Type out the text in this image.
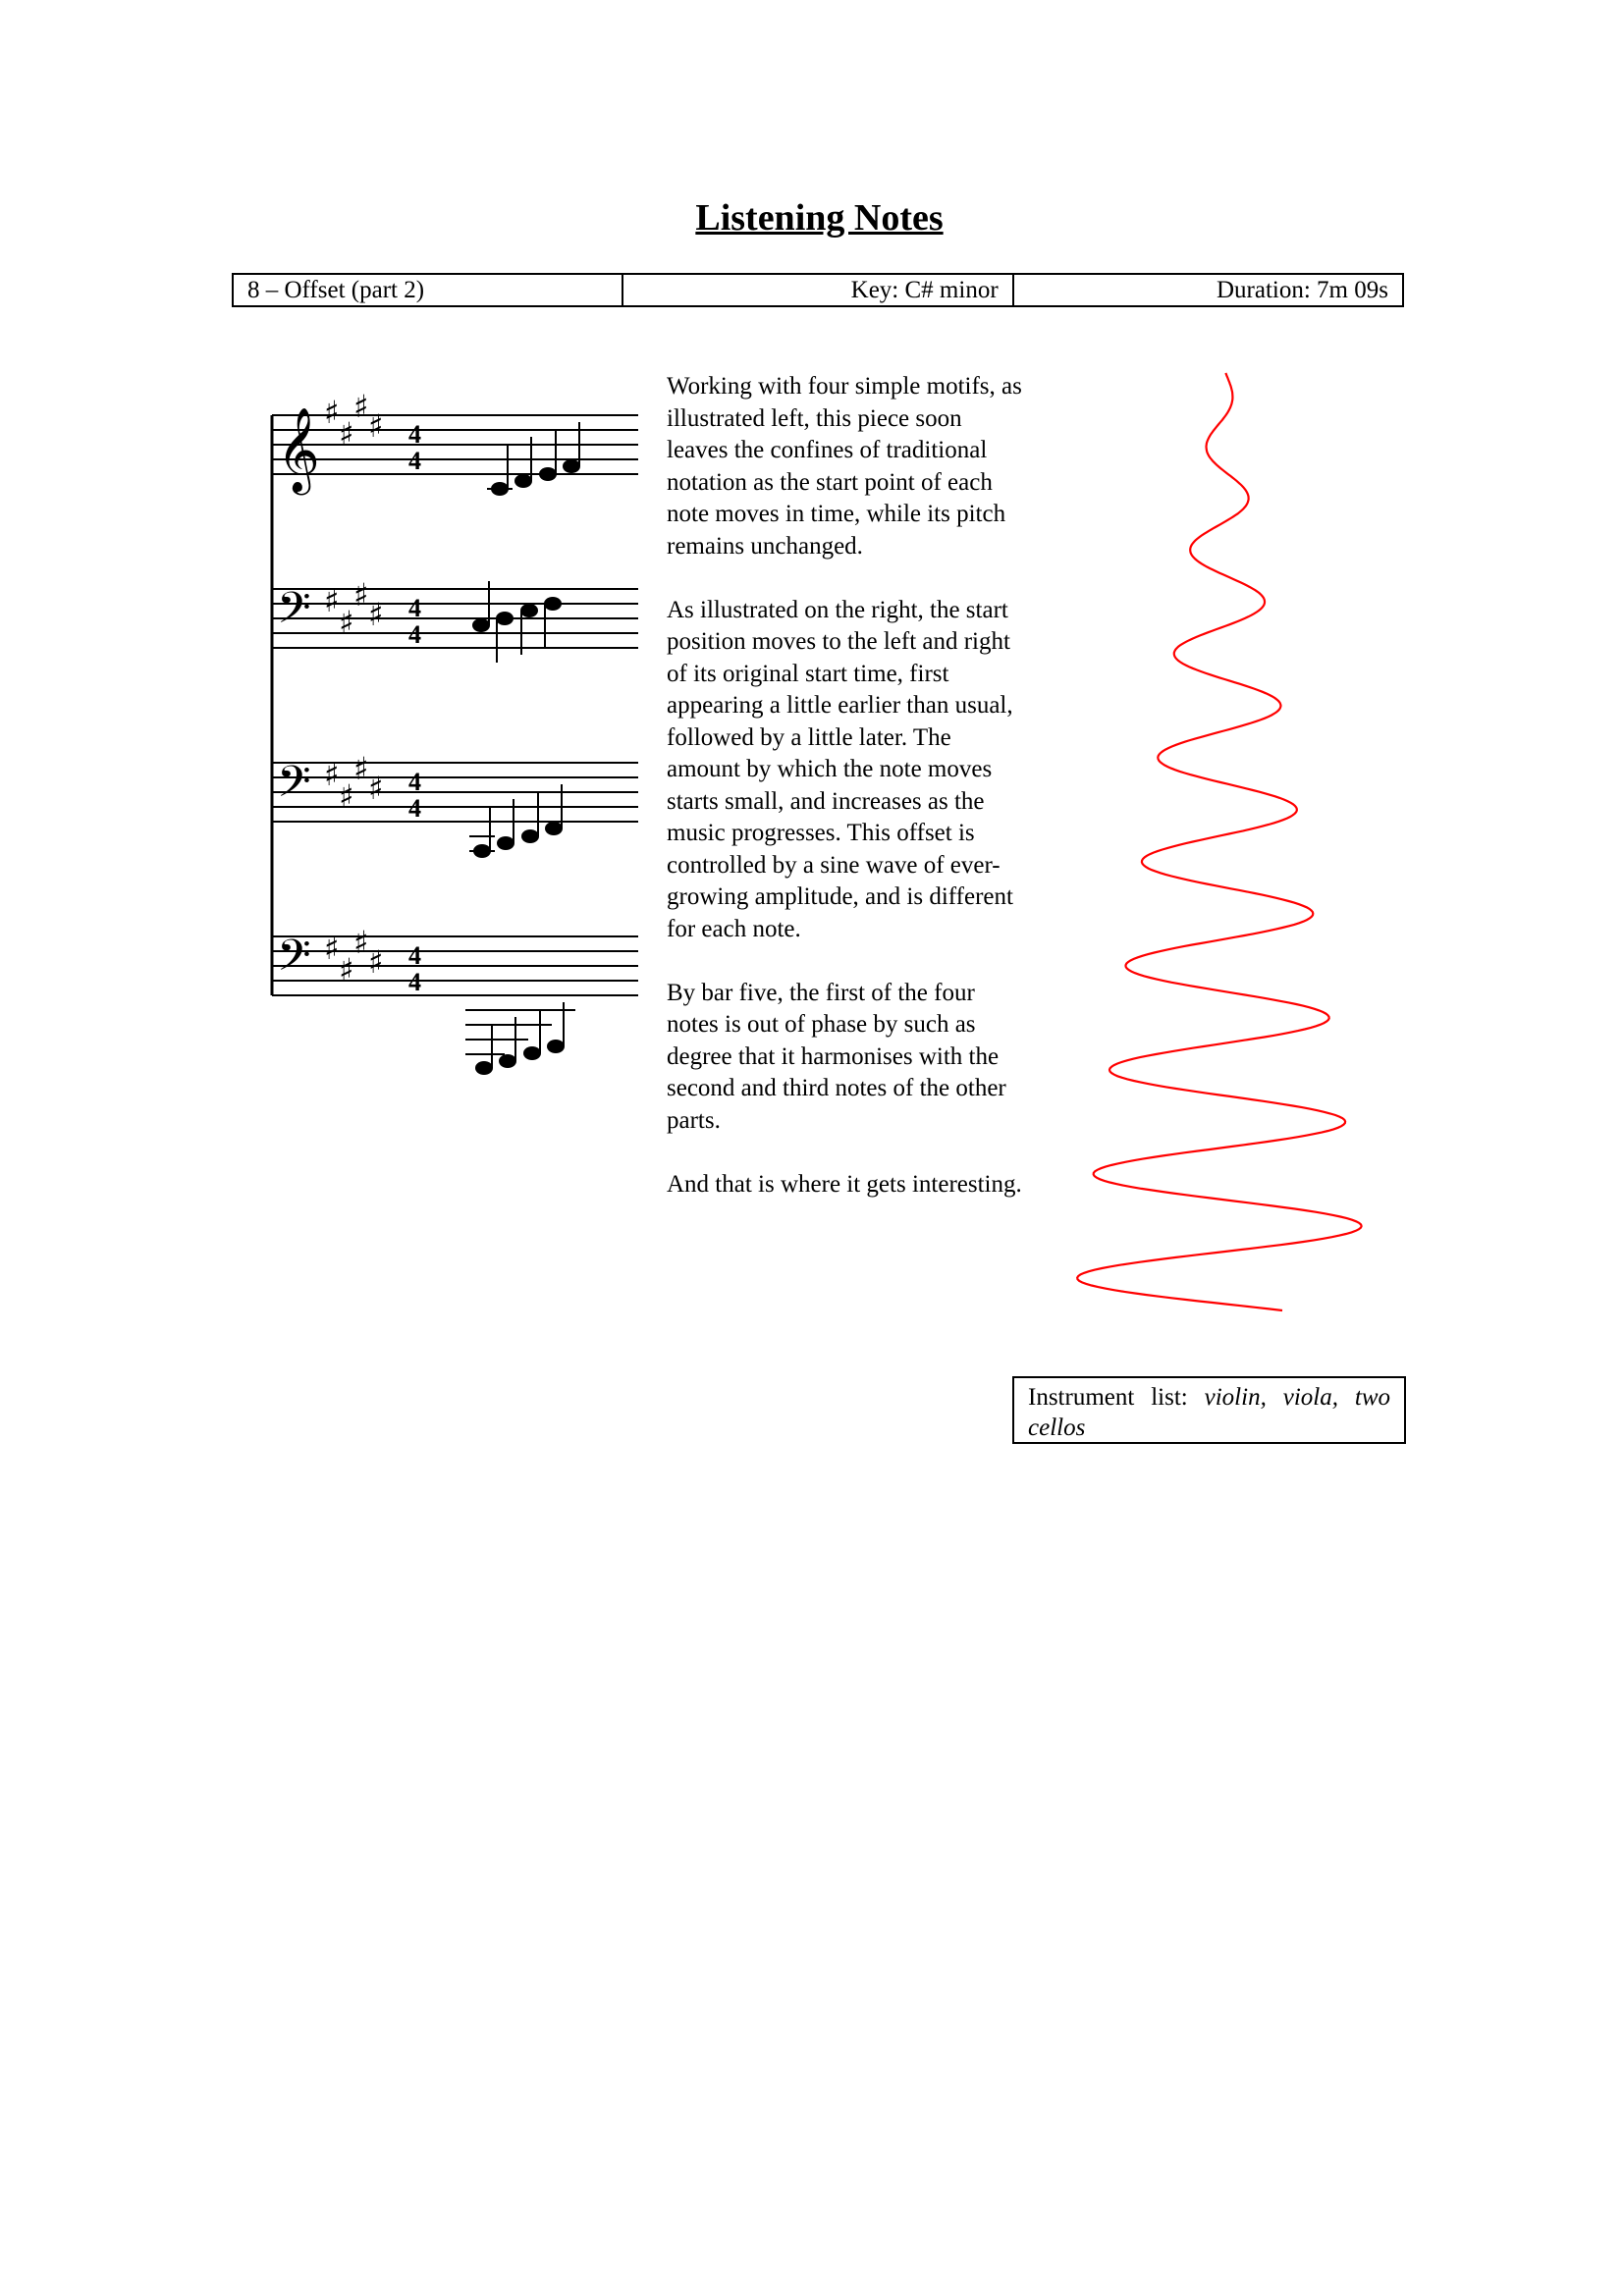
Listening Notes
8 – Offset (part 2)	Key: C# minor	Duration: 7m 09s
𝄞 ♯
♯
♯
♯ 4
4
𝄢 ♯
♯
♯
♯ 4
4
𝄢 ♯
♯
♯
♯ 4
4
𝄢 ♯
♯
♯
♯ 4
4

Working with four simple motifs, as illustrated left, this piece soon leaves the confines of traditional notation as the start point of each note moves in time, while its pitch remains unchanged.

As illustrated on the right, the start position moves to the left and right of its original start time, first appearing a little earlier than usual, followed by a little later. The amount by which the note moves starts small, and increases as the music progresses. This offset is controlled by a sine wave of ever-growing amplitude, and is different for each note.

By bar five, the first of the four notes is out of phase by such as degree that it harmonises with the second and third notes of the other parts.

And that is where it gets interesting.

Instrument list: violin, viola, two cellos
